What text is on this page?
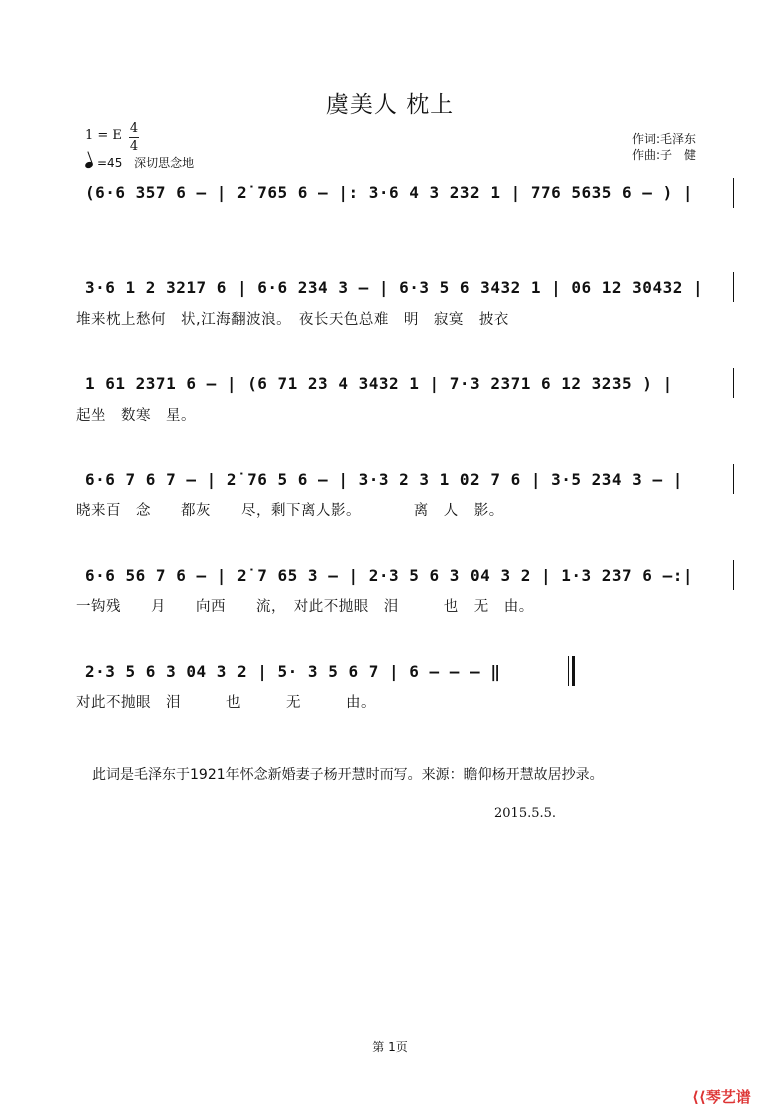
虞美人 枕上
1 = E 4
4
=45 深切思念地
作词:毛泽东
作曲:子　健
(6·6 357 6 – | 2̇ 765 6 – |: 3·6 4 3 232 1 | 776 5635 6 – ) |
3·6 1 2 3217 6 | 6·6 234 3 – | 6·3 5 6 3432 1 | 06 12 30432 |
堆来枕上愁何　状,江海翻波浪。　夜长天色总难　明　寂寞　披衣
1 61 2371 6 – | (6 71 23 4 3432 1 | 7·3 2371 6 12 3235 ) |
起坐　数寒　星。
6·6 7 6 7 – | 2̇ 76 5 6 – | 3·3 2 3 1 02 7 6 | 3·5 234 3 – |
晓来百　念　　都灰　　尽，剩下离人影。　　　　离　人　影。
6·6 56 7 6 – | 2̇ 7 65 3 – | 2·3 5 6 3 04 3 2 | 1·3 237 6 –:|
一钩残　　月　　向西　　流，　对此不抛眼　泪　　　也　无　由。
2·3 5 6 3 04 3 2 | 5· 3 5 6 7 | 6 – – – ‖
对此不抛眼　泪　　　也　　　无　　　由。
此词是毛泽东于1921年怀念新婚妻子杨开慧时而写。来源：瞻仰杨开慧故居抄录。
2015.5.5.
第 1页
⟨⟨琴艺谱
